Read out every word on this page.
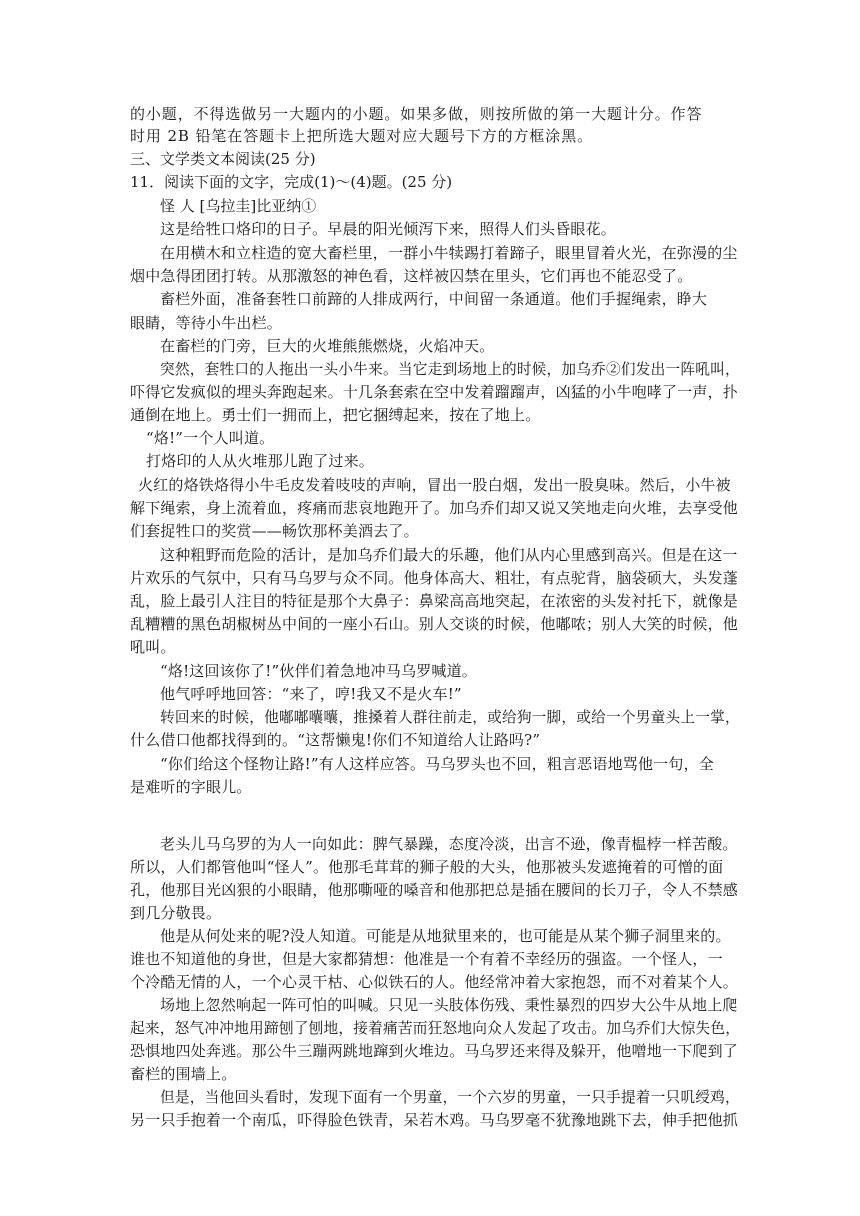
的小题，不得选做另一大题内的小题。如果多做，则按所做的第一大题计分。作答
时用 2B 铅笔在答题卡上把所选大题对应大题号下方的方框涂黑。
三、文学类文本阅读(25 分)
11．阅读下面的文字，完成(1)～(4)题。(25 分)
怪 人 [乌拉圭]比亚纳①
这是给牲口烙印的日子。早晨的阳光倾泻下来，照得人们头昏眼花。
在用横木和立柱造的宽大畜栏里，一群小牛犊踢打着蹄子，眼里冒着火光，在弥漫的尘
烟中急得团团打转。从那激怒的神色看，这样被囚禁在里头，它们再也不能忍受了。
畜栏外面，准备套牲口前蹄的人排成两行，中间留一条通道。他们手握绳索，睁大
眼睛，等待小牛出栏。
在畜栏的门旁，巨大的火堆熊熊燃烧，火焰冲天。
突然，套牲口的人拖出一头小牛来。当它走到场地上的时候，加乌乔②们发出一阵吼叫，
吓得它发疯似的埋头奔跑起来。十几条套索在空中发着蹓蹓声，凶猛的小牛咆哮了一声，扑
通倒在地上。勇士们一拥而上，把它捆缚起来，按在了地上。
“烙!”一个人叫道。
打烙印的人从火堆那儿跑了过来。
火红的烙铁烙得小牛毛皮发着吱吱的声响，冒出一股白烟，发出一股臭味。然后，小牛被
解下绳索，身上流着血，疼痛而悲哀地跑开了。加乌乔们却又说又笑地走向火堆，去享受他
们套捉牲口的奖赏——畅饮那杯美酒去了。
这种粗野而危险的活计，是加乌乔们最大的乐趣，他们从内心里感到高兴。但是在这一
片欢乐的气氛中，只有马乌罗与众不同。他身体高大、粗壮，有点驼背，脑袋硕大，头发蓬
乱，脸上最引人注目的特征是那个大鼻子：鼻梁高高地突起，在浓密的头发衬托下，就像是
乱糟糟的黑色胡椒树丛中间的一座小石山。别人交谈的时候，他嘟哝；别人大笑的时候，他
吼叫。
“烙!这回该你了!”伙伴们着急地冲马乌罗喊道。
他气呼呼地回答：“来了，哼!我又不是火车!”
转回来的时候，他嘟嘟囔囔，推搡着人群往前走，或给狗一脚，或给一个男童头上一掌，
什么借口他都找得到的。“这帮懒鬼!你们不知道给人让路吗?”
“你们给这个怪物让路!”有人这样应答。马乌罗头也不回，粗言恶语地骂他一句，全
是难听的字眼儿。
老头儿马乌罗的为人一向如此：脾气暴躁，态度冷淡，出言不逊，像青榅桲一样苦酸。
所以，人们都管他叫“怪人”。他那毛茸茸的狮子般的大头，他那被头发遮掩着的可憎的面
孔，他那目光凶狠的小眼睛，他那嘶哑的嗓音和他那把总是插在腰间的长刀子，令人不禁感
到几分敬畏。
他是从何处来的呢?没人知道。可能是从地狱里来的，也可能是从某个狮子洞里来的。
谁也不知道他的身世，但是大家都猜想：他准是一个有着不幸经历的强盗。一个怪人，一
个冷酷无情的人，一个心灵干枯、心似铁石的人。他经常冲着大家抱怨，而不对着某个人。
场地上忽然响起一阵可怕的叫喊。只见一头肢体伤残、秉性暴烈的四岁大公牛从地上爬
起来，怒气冲冲地用蹄刨了刨地，接着痛苦而狂怒地向众人发起了攻击。加乌乔们大惊失色，
恐惧地四处奔逃。那公牛三蹦两跳地蹿到火堆边。马乌罗还来得及躲开，他噌地一下爬到了
畜栏的围墙上。
但是，当他回头看时，发现下面有一个男童，一个六岁的男童，一只手提着一只叽绶鸡，
另一只手抱着一个南瓜，吓得脸色铁青，呆若木鸡。马乌罗毫不犹豫地跳下去，伸手把他抓
